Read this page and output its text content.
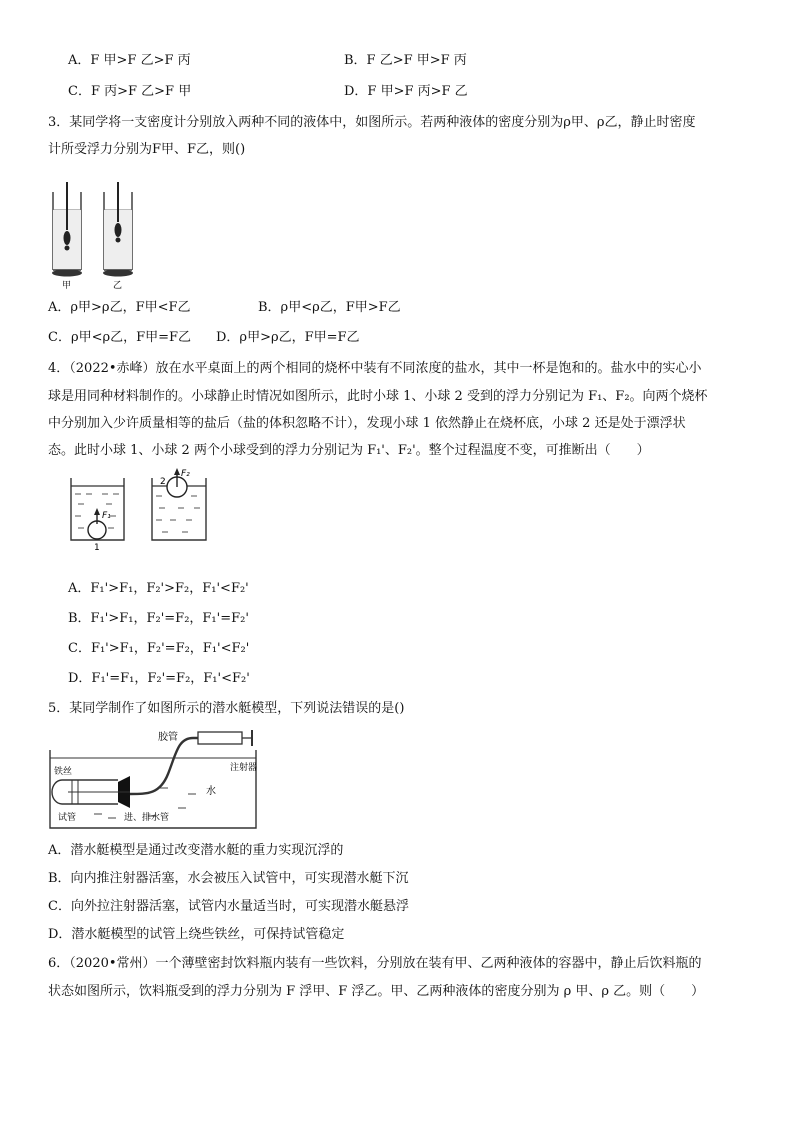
A．F 甲>F 乙>F 丙	B．F 乙>F 甲>F 丙
C．F 丙>F 乙>F 甲	D．F 甲>F 丙>F 乙
3．某同学将一支密度计分别放入两种不同的液体中，如图所示。若两种液体的密度分别为ρ甲、ρ乙，静止时密度
计所受浮力分别为F甲、F乙，则()
甲	乙
A．ρ甲>ρ乙，F甲<F乙	B．ρ甲<ρ乙，F甲>F乙
C．ρ甲<ρ乙，F甲=F乙 D．ρ甲>ρ乙，F甲=F乙
4．（2022•赤峰）放在水平桌面上的两个相同的烧杯中装有不同浓度的盐水，其中一杯是饱和的。盐水中的实心小
球是用同种材料制作的。小球静止时情况如图所示，此时小球 1、小球 2 受到的浮力分别记为 F₁、F₂。向两个烧杯
中分别加入少许质量相等的盐后（盐的体积忽略不计），发现小球 1 依然静止在烧杯底，小球 2 还是处于漂浮状
态。此时小球 1、小球 2 两个小球受到的浮力分别记为 F₁'、F₂'。整个过程温度不变，可推断出（　　）
F₁
1
F₂
2
A．F₁'>F₁，F₂'>F₂，F₁'<F₂'
B．F₁'>F₁，F₂'=F₂，F₁'=F₂'
C．F₁'>F₁，F₂'=F₂，F₁'<F₂'
D．F₁'=F₁，F₂'=F₂，F₁'<F₂'
5．某同学制作了如图所示的潜水艇模型，下列说法错误的是()
胶管
注射器
铁丝
水
试管	进、排水管
A．潜水艇模型是通过改变潜水艇的重力实现沉浮的
B．向内推注射器活塞，水会被压入试管中，可实现潜水艇下沉
C．向外拉注射器活塞，试管内水量适当时，可实现潜水艇悬浮
D．潜水艇模型的试管上绕些铁丝，可保持试管稳定
6．（2020•常州）一个薄壁密封饮料瓶内装有一些饮料，分别放在装有甲、乙两种液体的容器中，静止后饮料瓶的
状态如图所示，饮料瓶受到的浮力分别为 F 浮甲、F 浮乙。甲、乙两种液体的密度分别为 ρ 甲、ρ 乙。则（　　）
